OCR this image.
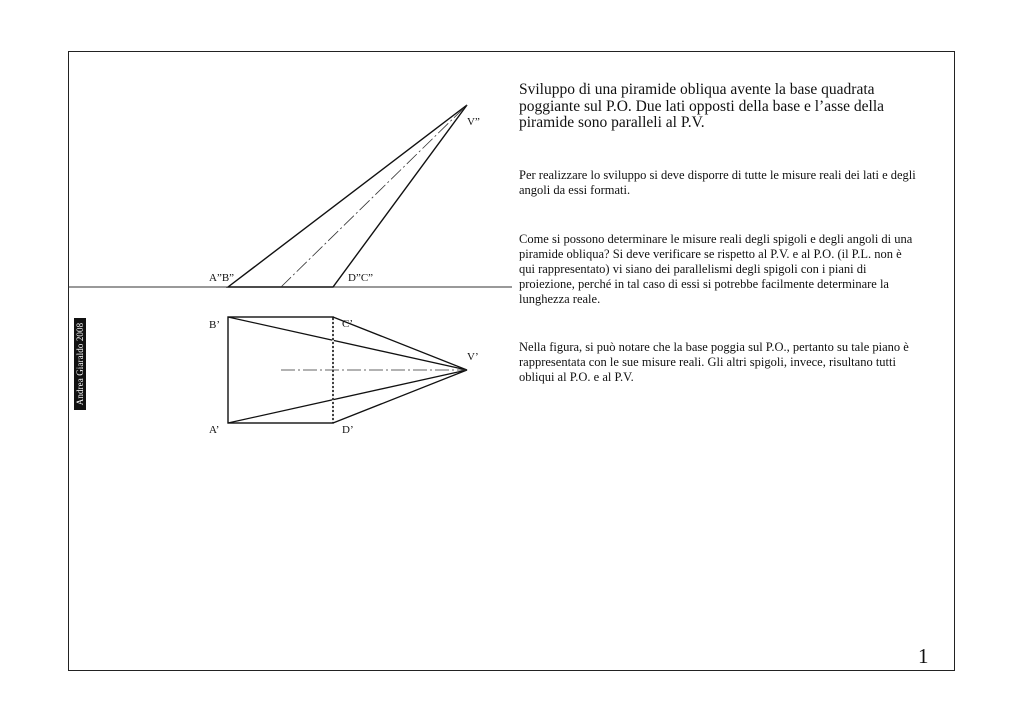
V”
A”B”	D”C”
B’	C’
V’
A’	D’
Andrea Giaraldo 2008
Sviluppo di una piramide obliqua avente la base quadrata poggiante sul P.O. Due lati opposti della base e l’asse della piramide sono paralleli al P.V.
Per realizzare lo sviluppo si deve disporre di tutte le misure reali dei lati e degli angoli da essi formati.
Come si possono determinare le misure reali degli spigoli e degli angoli di una piramide obliqua? Si deve verificare se rispetto al P.V. e al P.O. (il P.L. non è qui rappresentato) vi siano dei parallelismi degli spigoli con i piani di proiezione, perché in tal caso di essi si potrebbe facilmente determinare la lunghezza reale.
Nella figura, si può notare che la base poggia sul P.O., pertanto su tale piano è rappresentata con le sue misure reali. Gli altri spigoli, invece, risultano tutti obliqui al P.O. e al P.V.
1
